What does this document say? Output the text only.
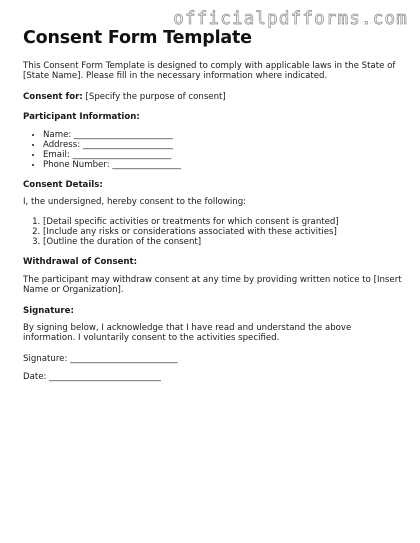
officialpdfforms.com
Consent Form Template

This Consent Form Template is designed to comply with applicable laws in the State of [State Name]. Please fill in the necessary information where indicated.

Consent for: [Specify the purpose of consent]

Participant Information:
• Name: _______________________
• Address: _____________________
• Email: _______________________
• Phone Number: ________________
Consent Details:

I, the undersigned, hereby consent to the following:

1. [Detail specific activities or treatments for which consent is granted]
2. [Include any risks or considerations associated with these activities]
3. [Outline the duration of the consent]
Withdrawal of Consent:

The participant may withdraw consent at any time by providing written notice to [Insert Name or Organization].

Signature:

By signing below, I acknowledge that I have read and understand the above information. I voluntarily consent to the activities specified.

Signature: _________________________

Date: __________________________
